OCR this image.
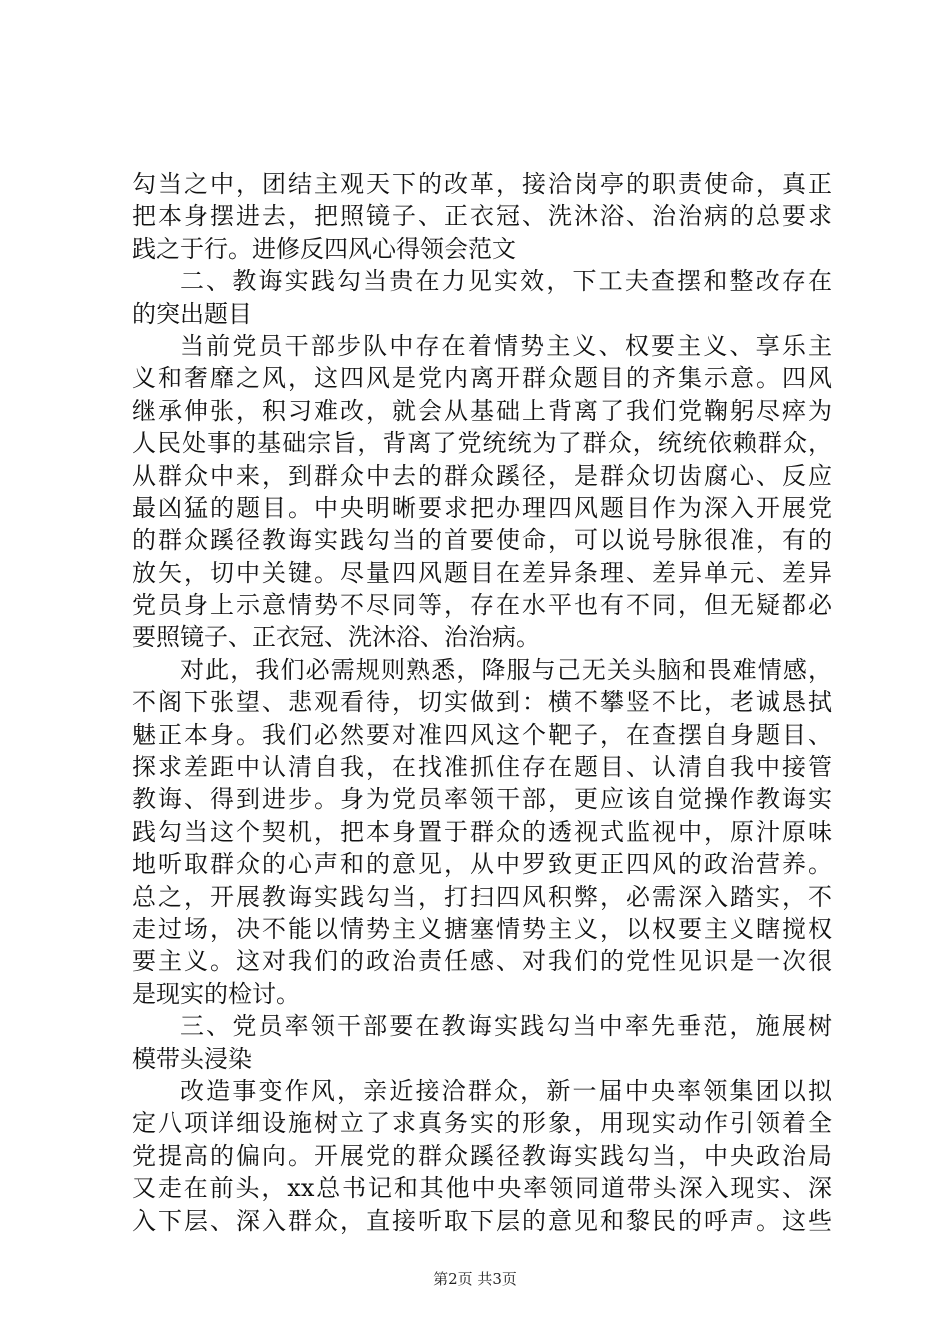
勾当之中，团结主观天下的改革，接洽岗亭的职责使命，真正
把本身摆进去，把照镜子、正衣冠、洗沐浴、治治病的总要求
践之于行。进修反四风心得领会范文
二、教诲实践勾当贵在力见实效，下工夫查摆和整改存在
的突出题目
当前党员干部步队中存在着情势主义、权要主义、享乐主
义和奢靡之风，这四风是党内离开群众题目的齐集示意。四风
继承伸张，积习难改，就会从基础上背离了我们党鞠躬尽瘁为
人民处事的基础宗旨，背离了党统统为了群众，统统依赖群众，
从群众中来，到群众中去的群众蹊径，是群众切齿腐心、反应
最凶猛的题目。中央明晰要求把办理四风题目作为深入开展党
的群众蹊径教诲实践勾当的首要使命，可以说号脉很准，有的
放矢，切中关键。尽量四风题目在差异条理、差异单元、差异
党员身上示意情势不尽同等，存在水平也有不同，但无疑都必
要照镜子、正衣冠、洗沐浴、治治病。
对此，我们必需规则熟悉，降服与己无关头脑和畏难情感，
不阁下张望、悲观看待，切实做到：横不攀竖不比，老诚恳拭
魅正本身。我们必然要对准四风这个靶子，在查摆自身题目、
探求差距中认清自我，在找准抓住存在题目、认清自我中接管
教诲、得到进步。身为党员率领干部，更应该自觉操作教诲实
践勾当这个契机，把本身置于群众的透视式监视中，原汁原味
地听取群众的心声和的意见，从中罗致更正四风的政治营养。
总之，开展教诲实践勾当，打扫四风积弊，必需深入踏实，不
走过场，决不能以情势主义搪塞情势主义，以权要主义瞎搅权
要主义。这对我们的政治责任感、对我们的党性见识是一次很
是现实的检讨。
三、党员率领干部要在教诲实践勾当中率先垂范，施展树
模带头浸染
改造事变作风，亲近接洽群众，新一届中央率领集团以拟
定八项详细设施树立了求真务实的形象，用现实动作引领着全
党提高的偏向。开展党的群众蹊径教诲实践勾当，中央政治局
又走在前头，xx总书记和其他中央率领同道带头深入现实、深
入下层、深入群众，直接听取下层的意见和黎民的呼声。这些
第2页 共3页
